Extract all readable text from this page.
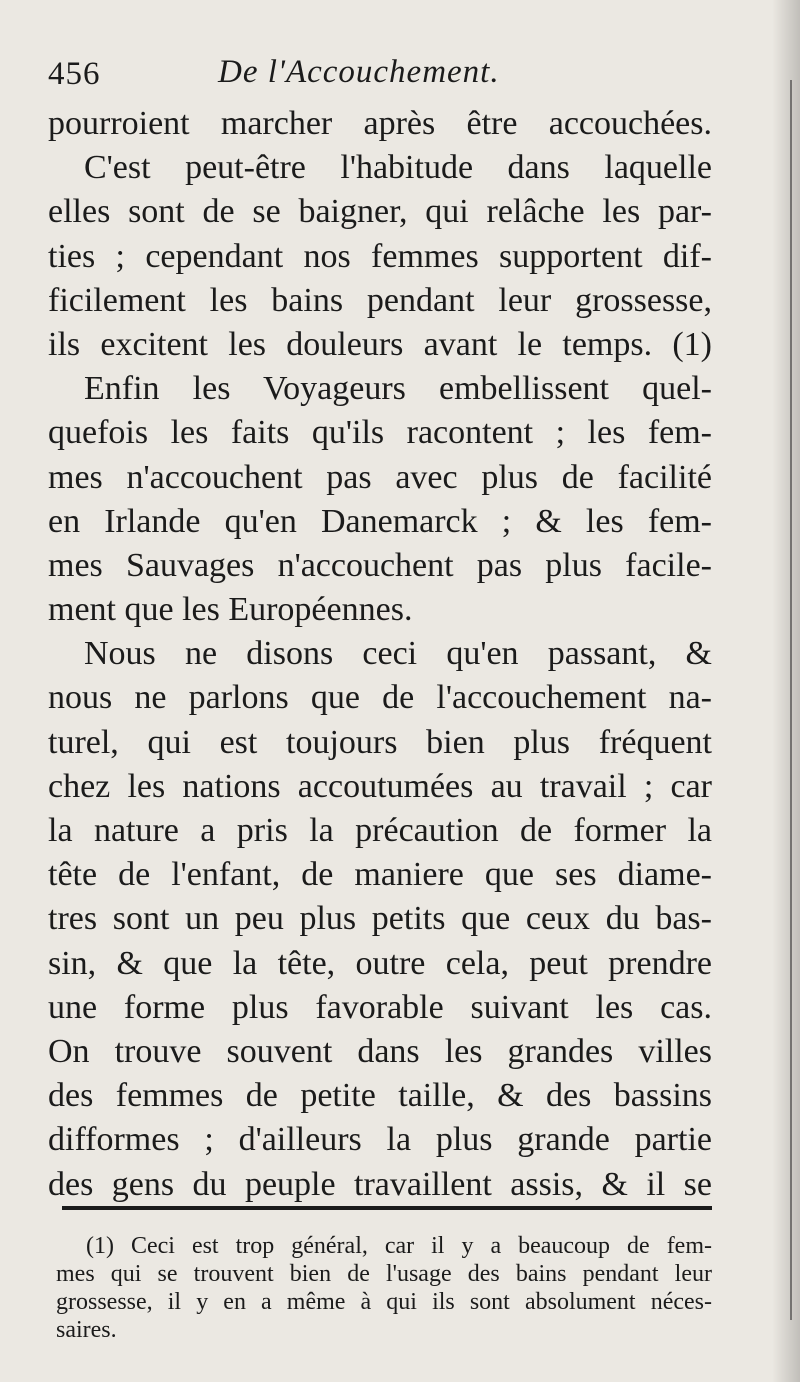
456	De l'Accouchement.
pourroient marcher après être accouchées.
C'est peut-être l'habitude dans laquelle
elles sont de se baigner, qui relâche les par-
ties ; cependant nos femmes supportent dif-
ficilement les bains pendant leur grossesse,
ils excitent les douleurs avant le temps. (1)
Enfin les Voyageurs embellissent quel-
quefois les faits qu'ils racontent ; les fem-
mes n'accouchent pas avec plus de facilité
en Irlande qu'en Danemarck ; & les fem-
mes Sauvages n'accouchent pas plus facile-
ment que les Européennes.
Nous ne disons ceci qu'en passant, &
nous ne parlons que de l'accouchement na-
turel, qui est toujours bien plus fréquent
chez les nations accoutumées au travail ; car
la nature a pris la précaution de former la
tête de l'enfant, de maniere que ses diame-
tres sont un peu plus petits que ceux du bas-
sin, & que la tête, outre cela, peut prendre
une forme plus favorable suivant les cas.
On trouve souvent dans les grandes villes
des femmes de petite taille, & des bassins
difformes ; d'ailleurs la plus grande partie
des gens du peuple travaillent assis, & il se
(1) Ceci est trop général, car il y a beaucoup de fem-
mes qui se trouvent bien de l'usage des bains pendant leur
grossesse, il y en a même à qui ils sont absolument néces-
saires.
